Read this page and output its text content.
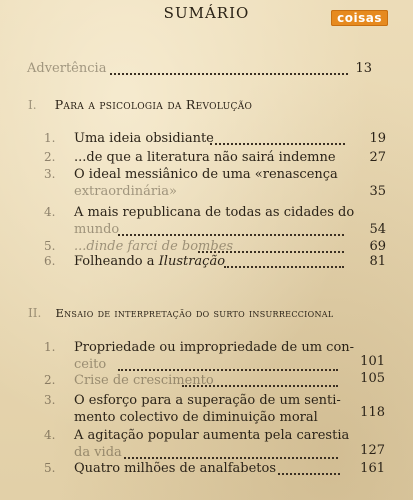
SUMÁRIO	coisas
Advertência	13
I. Para a psicologia da Revolução
1.	Uma ideia obsidiante	19
2.	...de que a literatura não sairá indemne	27
3.	O ideal messiânico de uma «renascença
extraordinária»	35
4.	A mais republicana de todas as cidades do
mundo	54
5.	...dinde farci de bombes	69
6.	Folheando a Ilustração	81
II. Ensaio de interpretação do surto insurreccional
1.	Propriedade ou impropriedade de um con-
ceito	101
2.	Crise de crescimento	105
3.	O esforço para a superação de um senti-
mento colectivo de diminuição moral	118
4.	A agitação popular aumenta pela carestia
da vida	127
5.	Quatro milhões de analfabetos	161
